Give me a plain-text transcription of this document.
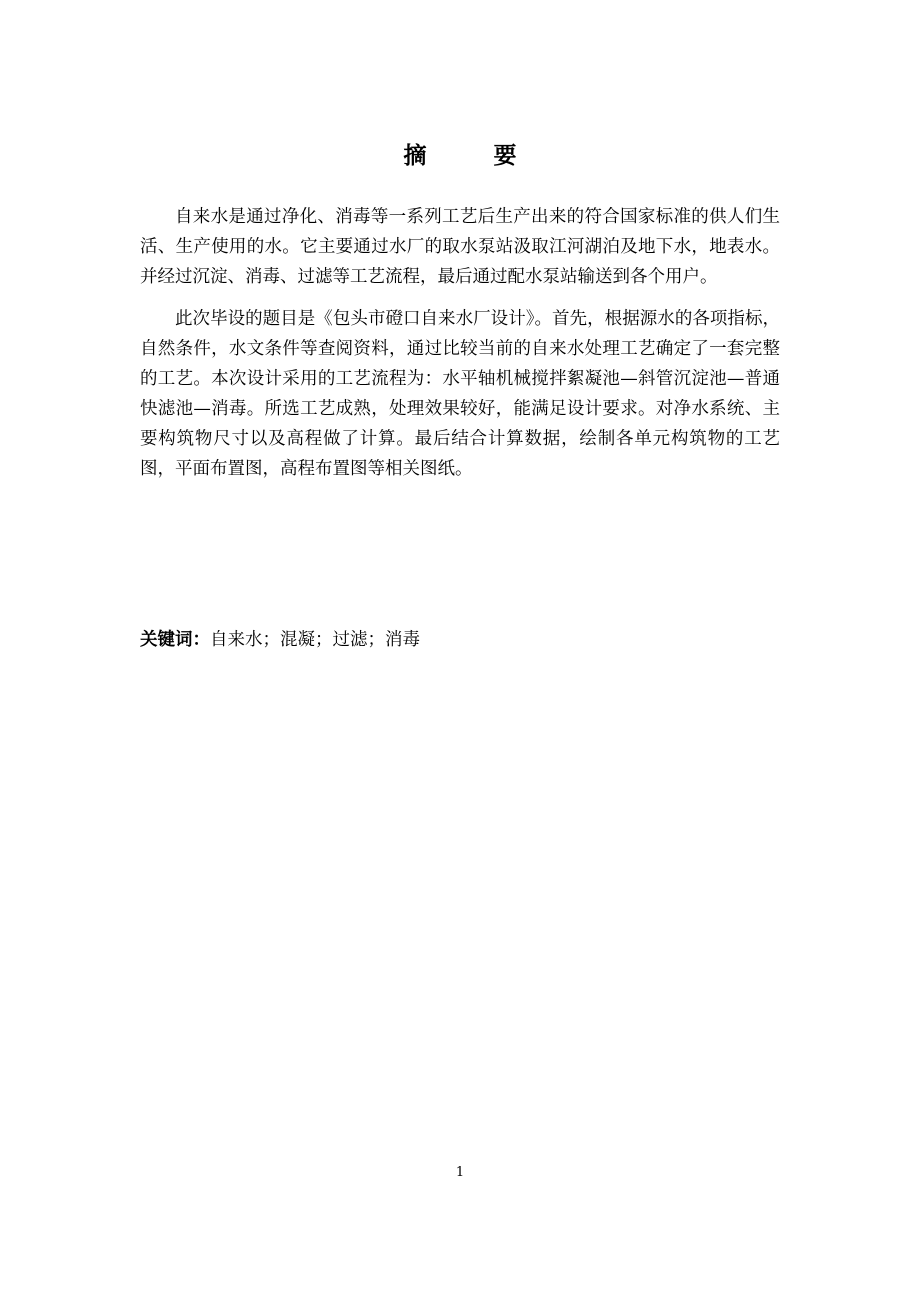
摘　要

自来水是通过净化、消毒等一系列工艺后生产出来的符合国家标准的供人们生活、生产使用的水。它主要通过水厂的取水泵站汲取江河湖泊及地下水，地表水。并经过沉淀、消毒、过滤等工艺流程，最后通过配水泵站输送到各个用户。

此次毕设的题目是《包头市磴口自来水厂设计》。首先，根据源水的各项指标，自然条件，水文条件等查阅资料，通过比较当前的自来水处理工艺确定了一套完整的工艺。本次设计采用的工艺流程为：水平轴机械搅拌絮凝池—斜管沉淀池—普通快滤池—消毒。所选工艺成熟，处理效果较好，能满足设计要求。对净水系统、主要构筑物尺寸以及高程做了计算。最后结合计算数据，绘制各单元构筑物的工艺图，平面布置图，高程布置图等相关图纸。

关键词：自来水；混凝；过滤；消毒
1
